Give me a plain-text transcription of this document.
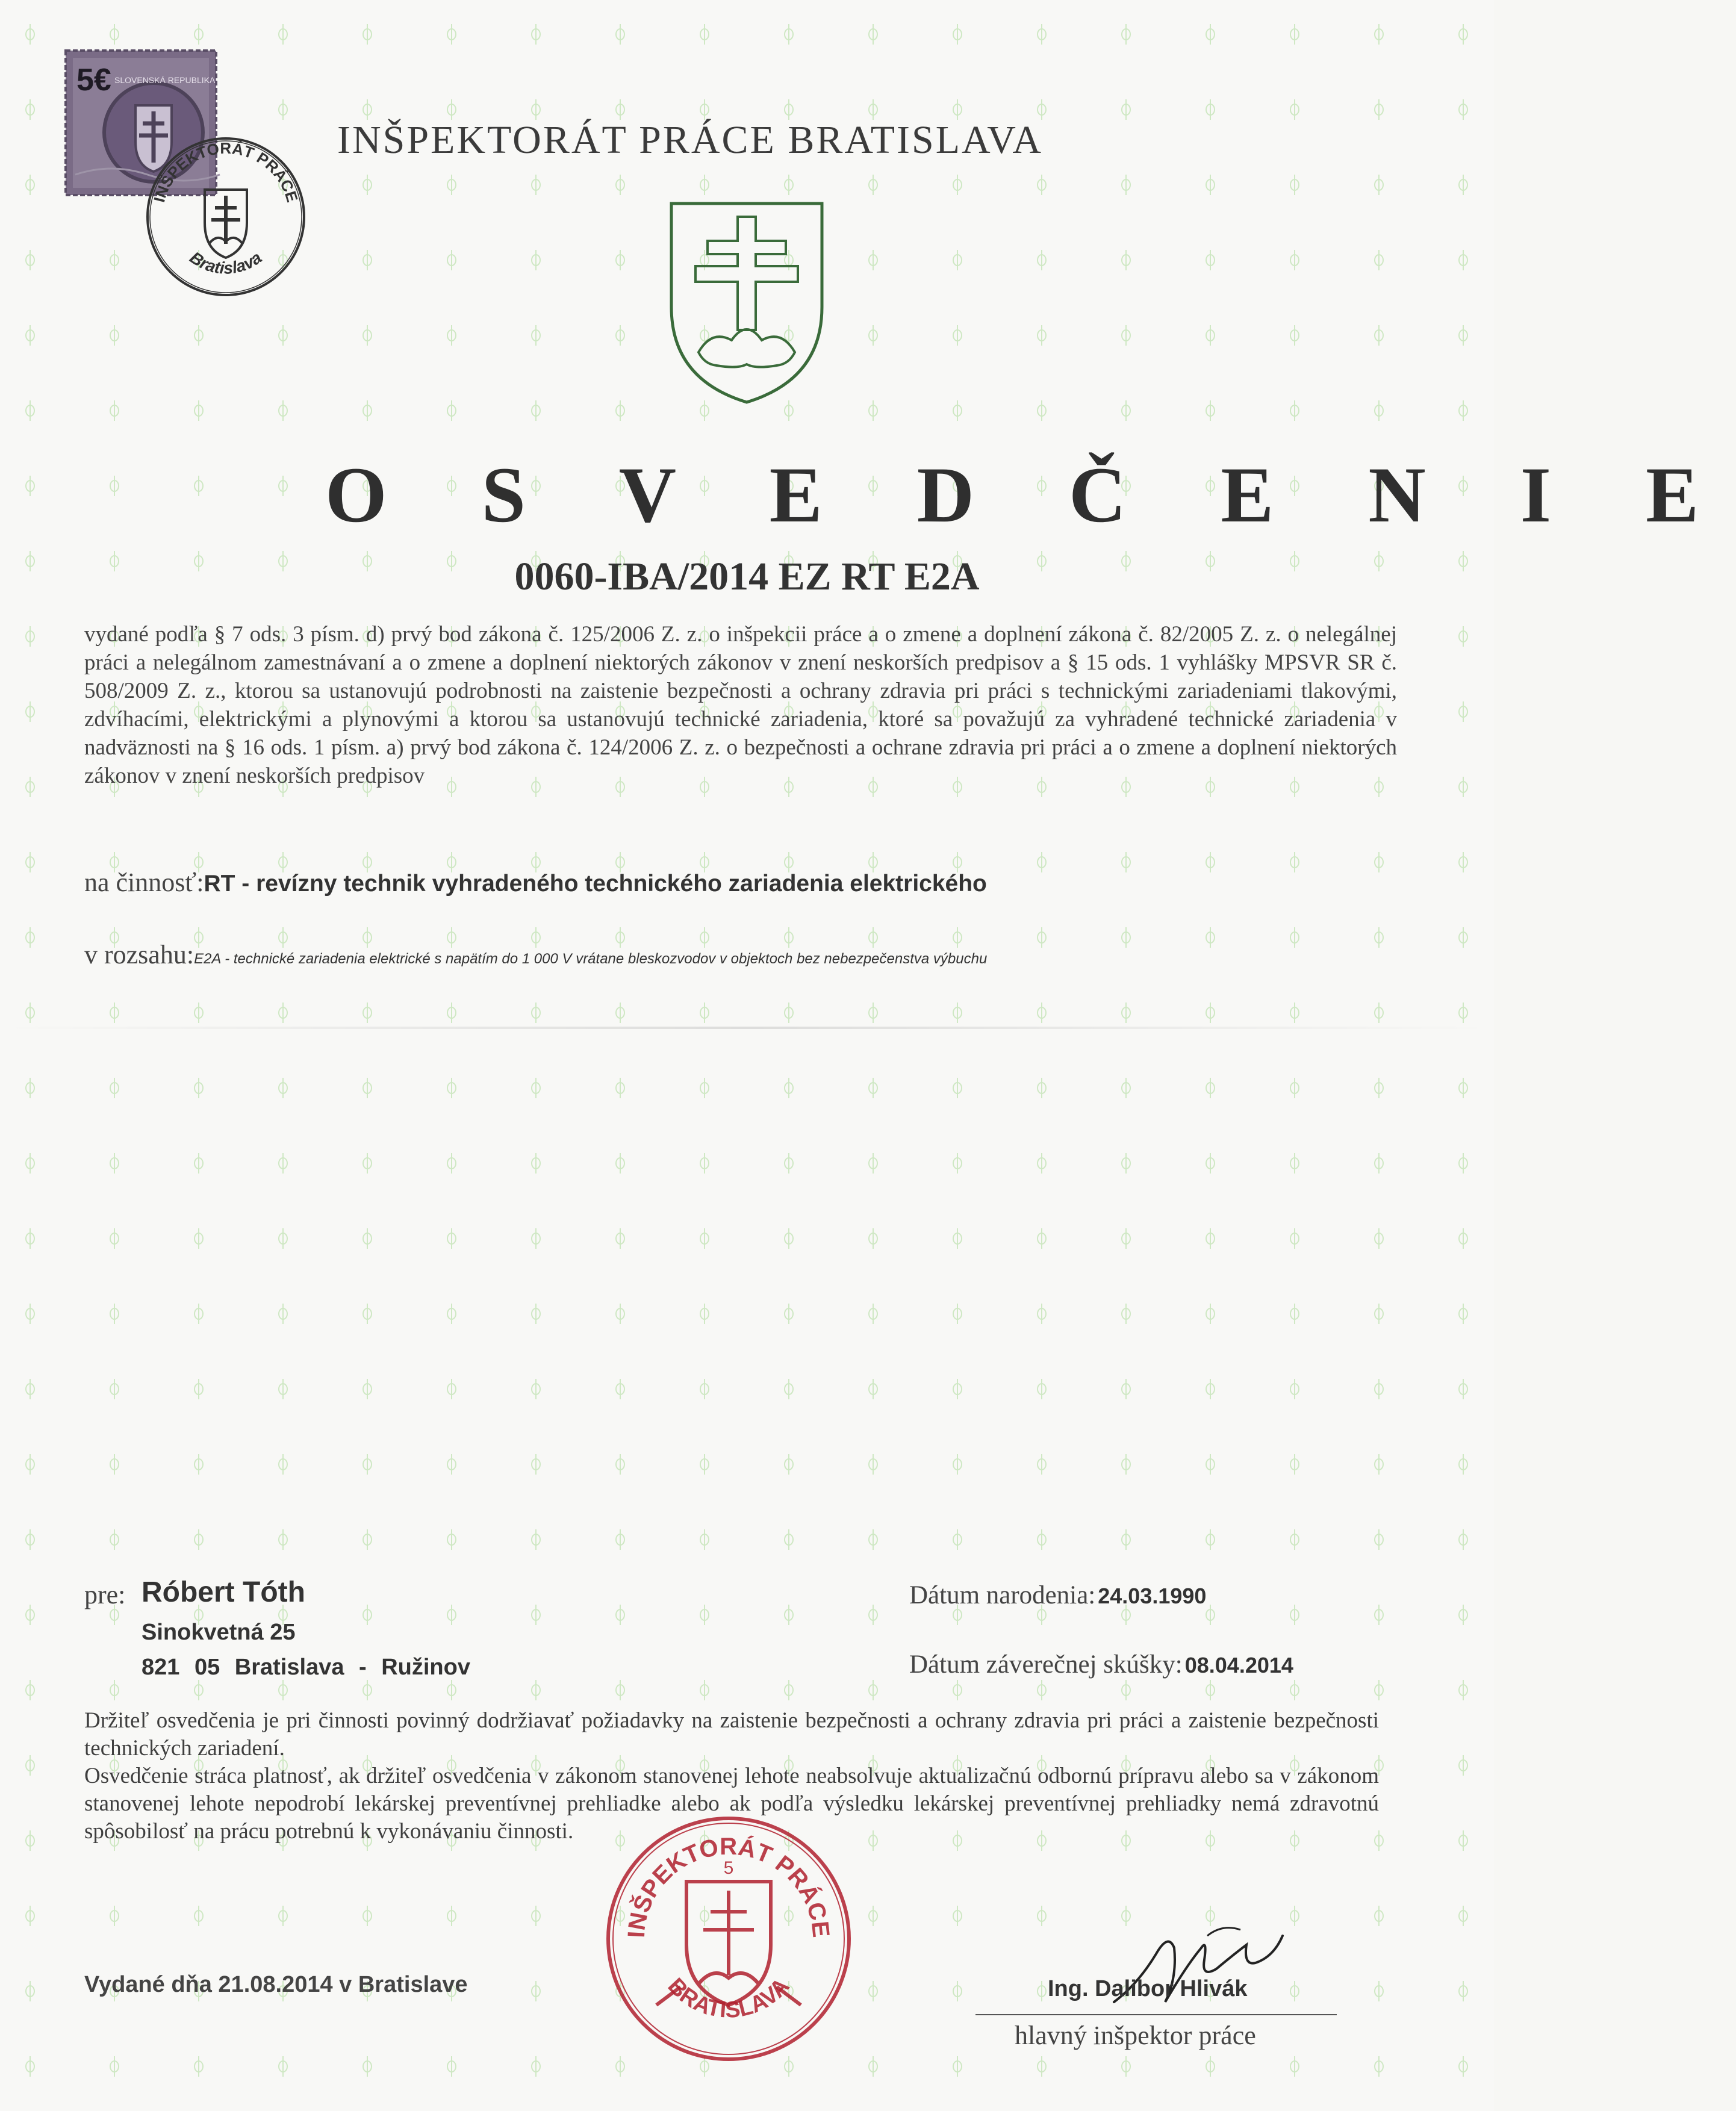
5€ SLOVENSKÁ REPUBLIKA
INŠPEKTORÁT PRÁCE
Bratislava
INŠPEKTORÁT PRÁCE BRATISLAVA
O S V E D Č E N I E
0060-IBA/2014 EZ RT E2A
vydané podľa § 7 ods. 3 písm. d) prvý bod zákona č. 125/2006 Z. z. o inšpekcii práce a o zmene a doplnení zákona č. 82/2005 Z. z. o nelegálnej práci a nelegálnom zamestnávaní a o zmene a doplnení niektorých zákonov v znení neskorších predpisov a § 15 ods. 1 vyhlášky MPSVR SR č. 508/2009 Z. z., ktorou sa ustanovujú podrobnosti na zaistenie bezpečnosti a ochrany zdravia pri práci s technickými zariadeniami tlakovými, zdvíhacími, elektrickými a plynovými a ktorou sa ustanovujú technické zariadenia, ktoré sa považujú za vyhradené technické zariadenia v nadväznosti na § 16 ods. 1 písm. a) prvý bod zákona č. 124/2006 Z. z. o bezpečnosti a ochrane zdravia pri práci a o zmene a doplnení niektorých zákonov v znení neskorších predpisov
na činnosť:RT - revízny technik vyhradeného technického zariadenia elektrického
v rozsahu:E2A - technické zariadenia elektrické s napätím do 1 000 V vrátane bleskozvodov v objektoch bez nebezpečenstva výbuchu
pre: Róbert Tóth
Sinokvetná 25
821 05 Bratislava - Ružinov
Dátum narodenia: 24.03.1990
Dátum záverečnej skúšky: 08.04.2014

Držiteľ osvedčenia je pri činnosti povinný dodržiavať požiadavky na zaistenie bezpečnosti a ochrany zdravia pri práci a zaistenie bezpečnosti technických zariadení.

Osvedčenie stráca platnosť, ak držiteľ osvedčenia v zákonom stanovenej lehote neabsolvuje aktualizačnú odbornú prípravu alebo sa v zákonom stanovenej lehote nepodrobí lekárskej preventívnej prehliadke alebo ak podľa výsledku lekárskej preventívnej prehliadky nemá zdravotnú spôsobilosť na prácu potrebnú k vykonávaniu činnosti.

INŠPEKTORÁT PRÁCE
BRATISLAVA
5
Vydané dňa 21.08.2014 v Bratislave	Ing. Dalibor Hlivák
hlavný inšpektor práce
